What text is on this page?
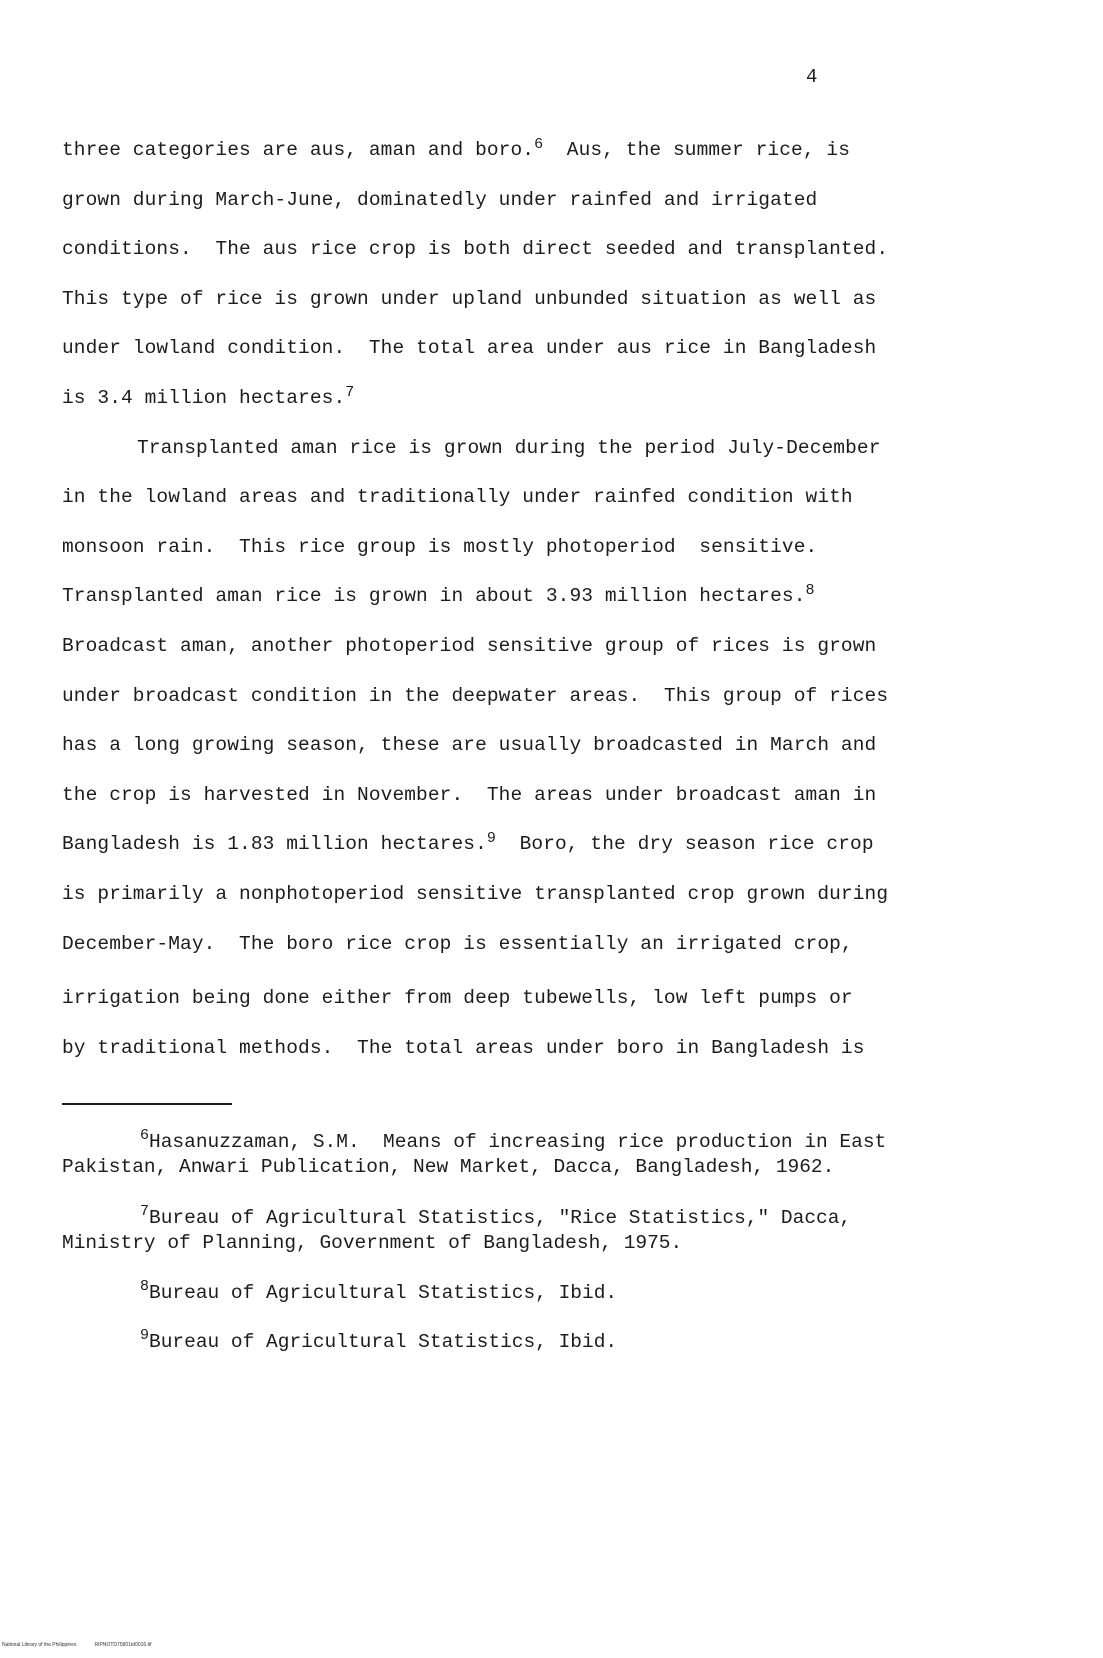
4
three categories are aus, aman and boro.$^6$  Aus, the summer rice, is
grown during March-June, dominatedly under rainfed and irrigated
conditions.  The aus rice crop is both direct seeded and transplanted.
This type of rice is grown under upland unbunded situation as well as
under lowland condition.  The total area under aus rice in Bangladesh
is 3.4 million hectares.$^7$
Transplanted aman rice is grown during the period July-December
in the lowland areas and traditionally under rainfed condition with
monsoon rain.  This rice group is mostly photoperiod  sensitive.
Transplanted aman rice is grown in about 3.93 million hectares.$^8$
Broadcast aman, another photoperiod sensitive group of rices is grown
under broadcast condition in the deepwater areas.  This group of rices
has a long growing season, these are usually broadcasted in March and
the crop is harvested in November.  The areas under broadcast aman in
Bangladesh is 1.83 million hectares.$^9$  Boro, the dry season rice crop
is primarily a nonphotoperiod sensitive transplanted crop grown during
December-May.  The boro rice crop is essentially an irrigated crop,
irrigation being done either from deep tubewells, low left pumps or
by traditional methods.  The total areas under boro in Bangladesh is
$^6$Hasanuzzaman, S.M.  Means of increasing rice production in East
Pakistan, Anwari Publication, New Market, Dacca, Bangladesh, 1962.
$^7$Bureau of Agricultural Statistics, "Rice Statistics," Dacca,
Ministry of Planning, Government of Bangladesh, 1975.
$^8$Bureau of Agricultural Statistics, Ibid.
$^9$Bureau of Agricultural Statistics, Ibid.
National Library of the Philippines	RIPNOTD75801td0016.tif
